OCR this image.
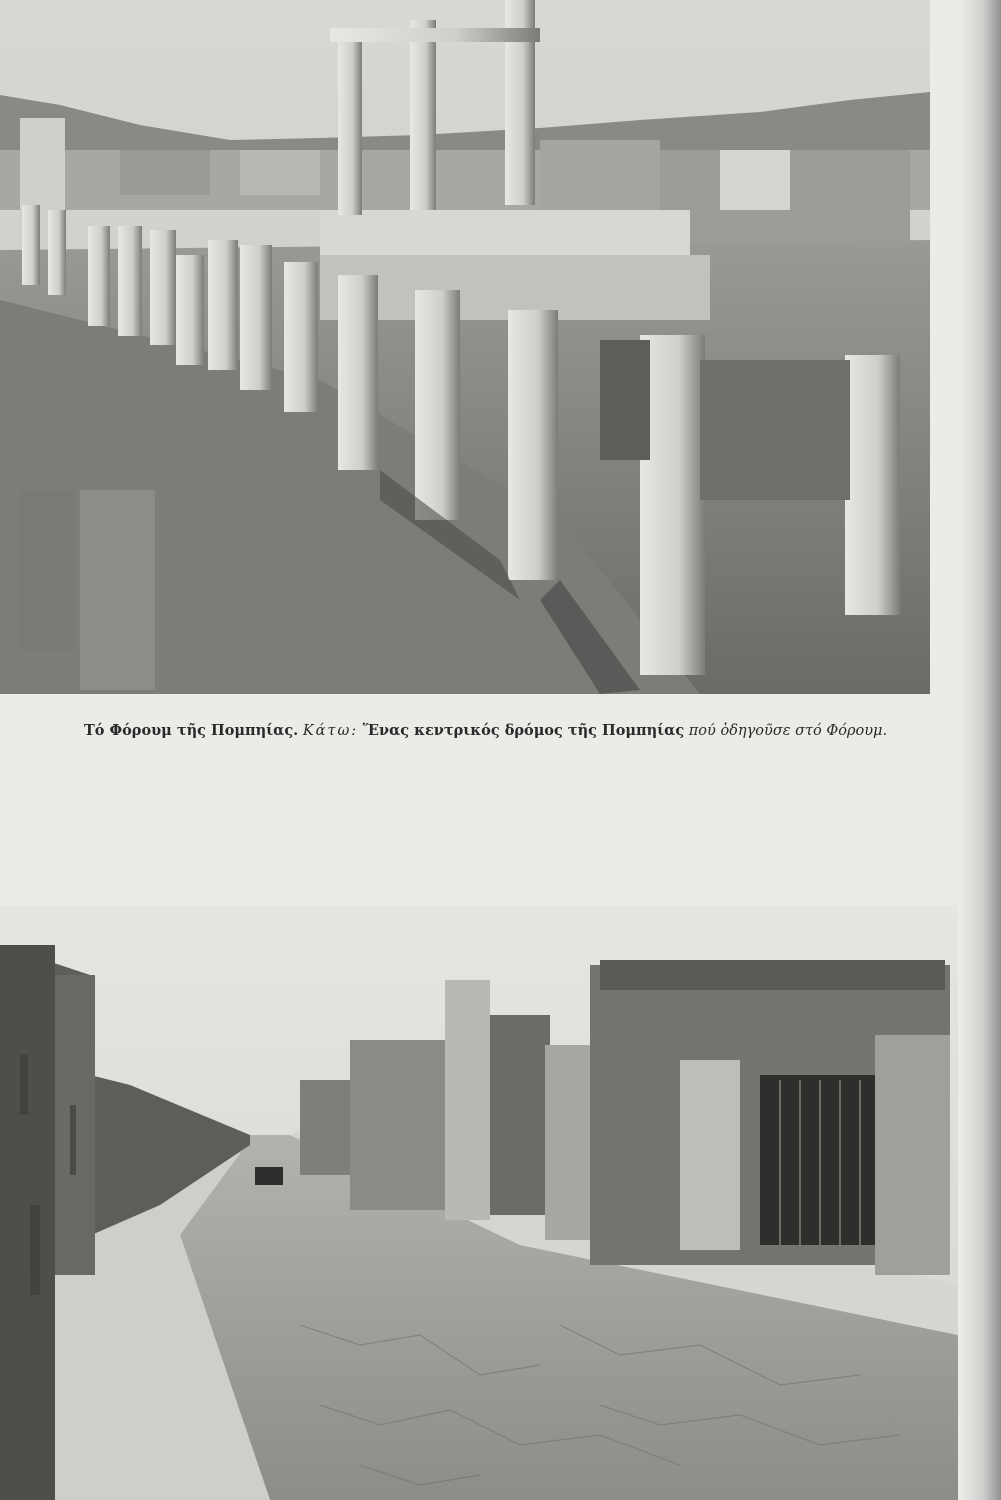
Τό Φόρουμ τῆς Πομπηίας. Κάτω: Ἕνας κεντρικός δρόμος τῆς Πομπηίας πού ὁδηγοῦσε στό Φόρουμ.
